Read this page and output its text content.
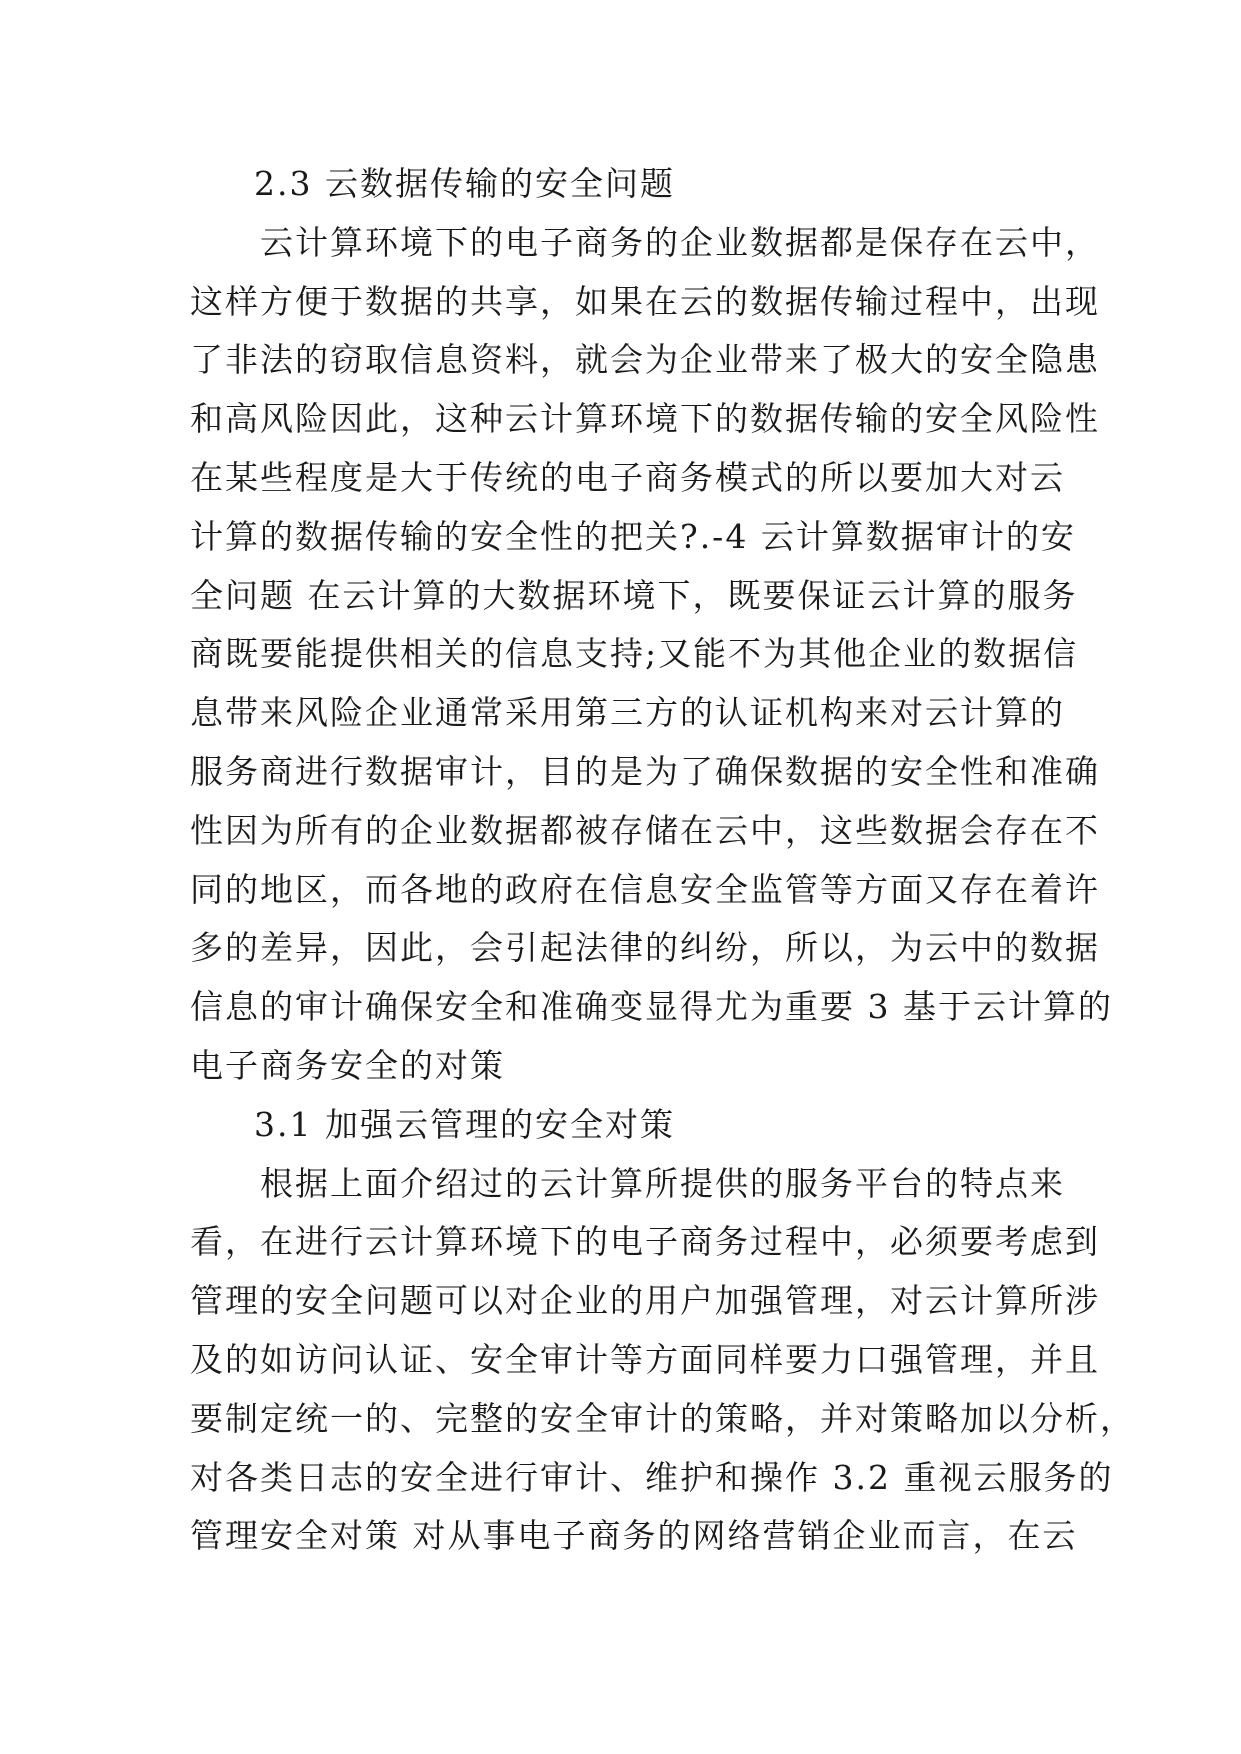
2.3 云数据传输的安全问题
云计算环境下的电子商务的企业数据都是保存在云中，
这样方便于数据的共享，如果在云的数据传输过程中，出现
了非法的窃取信息资料，就会为企业带来了极大的安全隐患
和高风险因此，这种云计算环境下的数据传输的安全风险性
在某些程度是大于传统的电子商务模式的所以要加大对云
计算的数据传输的安全性的把关?.-4 云计算数据审计的安
全问题 在云计算的大数据环境下，既要保证云计算的服务
商既要能提供相关的信息支持;又能不为其他企业的数据信
息带来风险企业通常采用第三方的认证机构来对云计算的
服务商进行数据审计，目的是为了确保数据的安全性和准确
性因为所有的企业数据都被存储在云中，这些数据会存在不
同的地区，而各地的政府在信息安全监管等方面又存在着许
多的差异，因此，会引起法律的纠纷，所以，为云中的数据
信息的审计确保安全和准确变显得尤为重要 3 基于云计算的
电子商务安全的对策
3.1 加强云管理的安全对策
根据上面介绍过的云计算所提供的服务平台的特点来
看，在进行云计算环境下的电子商务过程中，必须要考虑到
管理的安全问题可以对企业的用户加强管理，对云计算所涉
及的如访问认证、安全审计等方面同样要力口强管理，并且
要制定统一的、完整的安全审计的策略，并对策略加以分析，
对各类日志的安全进行审计、维护和操作 3.2 重视云服务的
管理安全对策 对从事电子商务的网络营销企业而言，在云
